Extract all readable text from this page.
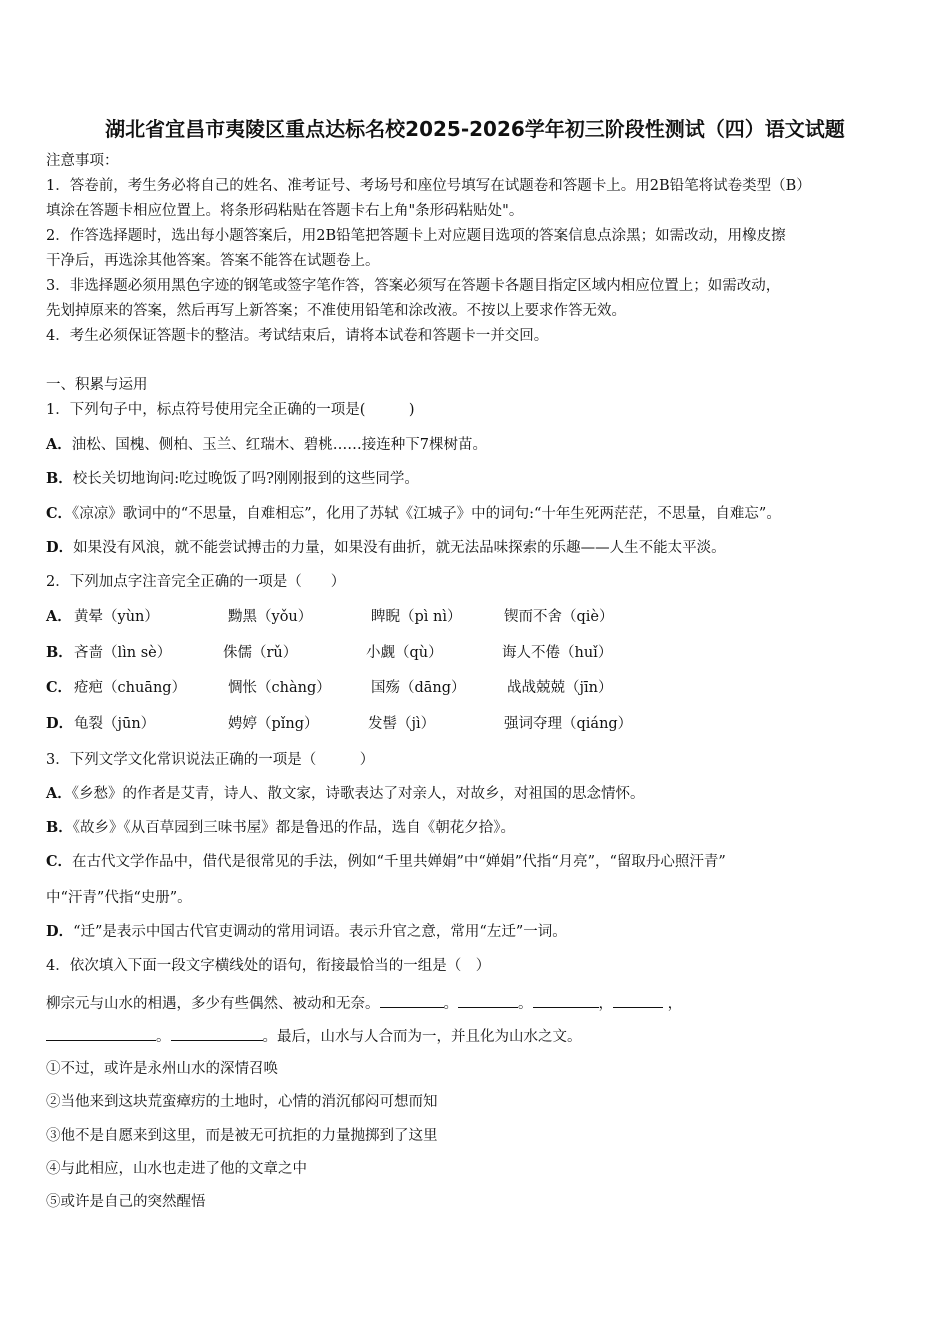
湖北省宜昌市夷陵区重点达标名校2025-2026学年初三阶段性测试（四）语文试题
注意事项：
1．答卷前，考生务必将自己的姓名、准考证号、考场号和座位号填写在试题卷和答题卡上。用2B铅笔将试卷类型（B）
填涂在答题卡相应位置上。将条形码粘贴在答题卡右上角"条形码粘贴处"。
2．作答选择题时，选出每小题答案后，用2B铅笔把答题卡上对应题目选项的答案信息点涂黑；如需改动，用橡皮擦
干净后，再选涂其他答案。答案不能答在试题卷上。
3．非选择题必须用黑色字迹的钢笔或签字笔作答，答案必须写在答题卡各题目指定区域内相应位置上；如需改动，
先划掉原来的答案，然后再写上新答案；不准使用铅笔和涂改液。不按以上要求作答无效。
4．考生必须保证答题卡的整洁。考试结束后，请将本试卷和答题卡一并交回。
一、积累与运用
1．下列句子中，标点符号使用完全正确的一项是(　　　)
A．油松、国槐、侧柏、玉兰、红瑞木、碧桃……接连种下7棵树苗。
B．校长关切地询问:吃过晚饭了吗?刚刚报到的这些同学。
C．《凉凉》歌词中的“不思量，自难相忘”，化用了苏轼《江城子》中的词句:“十年生死两茫茫，不思量，自难忘”。
D．如果没有风浪，就不能尝试搏击的力量，如果没有曲折，就无法品味探索的乐趣——人生不能太平淡。
2．下列加点字注音完全正确的一项是（　　）
A． 黄晕（yùn）	黝黑（yǒu）	睥睨（pì nì）	锲而不舍（qiè）
B． 吝啬（lìn sè）	侏儒（rǔ）	小觑（qù）	诲人不倦（huǐ）
C． 疮疤（chuāng）	惆怅（chàng）	国殇（dāng）	战战兢兢（jīn）
D． 龟裂（jūn）	娉婷（pǐng）	发髻（jì）	强词夺理（qiáng）
3．下列文学文化常识说法正确的一项是（　　　）
A．《乡愁》的作者是艾青，诗人、散文家，诗歌表达了对亲人，对故乡，对祖国的思念情怀。
B．《故乡》《从百草园到三味书屋》都是鲁迅的作品，选自《朝花夕拾》。
C．在古代文学作品中，借代是很常见的手法，例如“千里共婵娟”中“婵娟”代指“月亮”，“留取丹心照汗青”
中“汗青”代指“史册”。
D．“迁”是表示中国古代官吏调动的常用词语。表示升官之意，常用“左迁”一词。
4．依次填入下面一段文字横线处的语句，衔接最恰当的一组是（　）
柳宗元与山水的相遇，多少有些偶然、被动和无奈。	。	。	，	，
。	。最后，山水与人合而为一，并且化为山水之文。
①不过，或许是永州山水的深情召唤
②当他来到这块荒蛮瘴疠的土地时，心情的消沉郁闷可想而知
③他不是自愿来到这里，而是被无可抗拒的力量抛掷到了这里
④与此相应，山水也走进了他的文章之中
⑤或许是自己的突然醒悟
